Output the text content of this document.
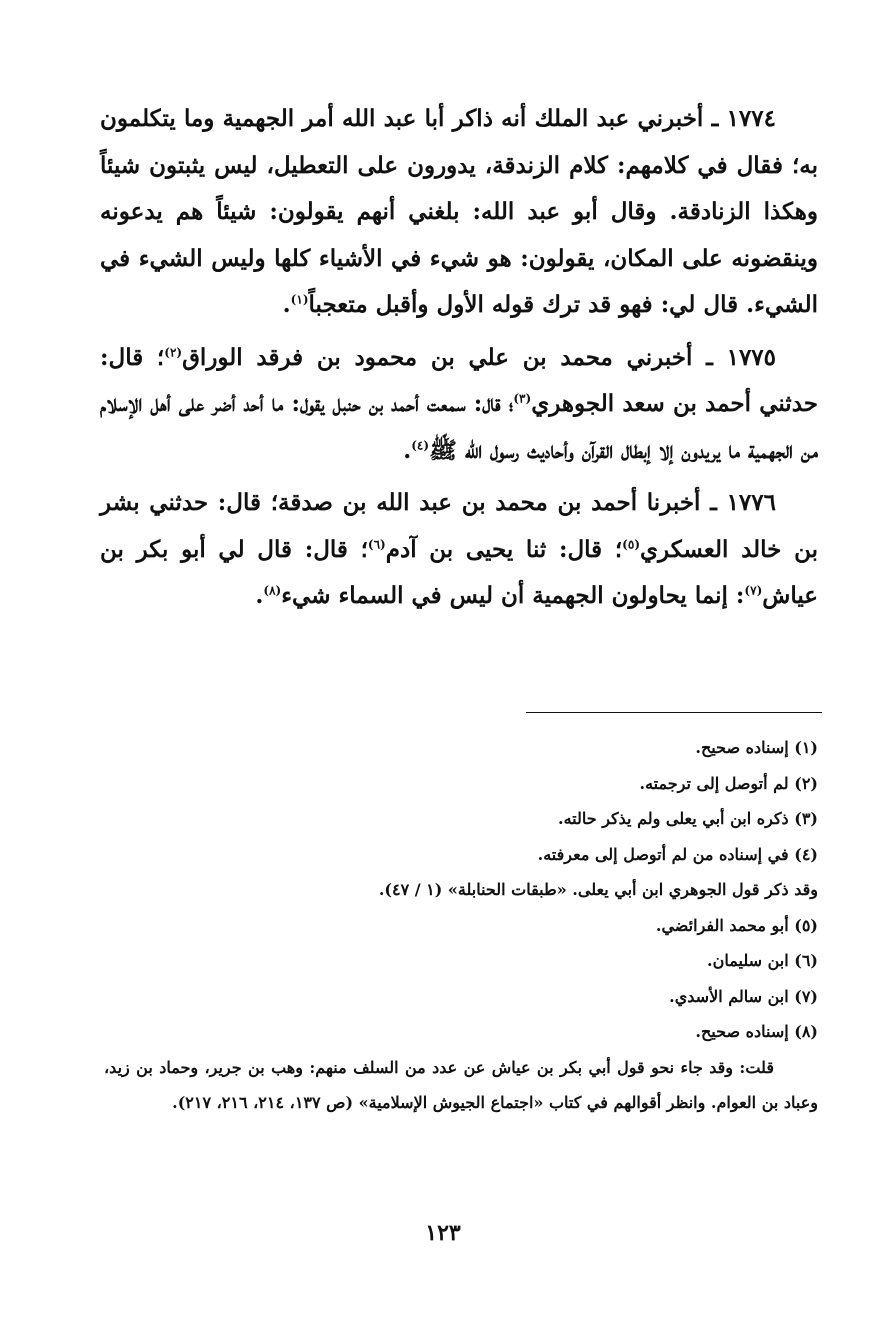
١٧٧٤ ـ أخبرني عبد الملك أنه ذاكر أبا عبد الله أمر الجهمية وما يتكلمون به؛ فقال في كلامهم: كلام الزندقة، يدورون على التعطيل، ليس يثبتون شيئاً وهكذا الزنادقة. وقال أبو عبد الله: بلغني أنهم يقولون: شيئاً هم يدعونه وينقضونه على المكان، يقولون: هو شيء في الأشياء كلها وليس الشيء في الشيء. قال لي: فهو قد ترك قوله الأول وأقبل متعجباً$^{(١)}$.

١٧٧٥ ـ أخبرني محمد بن علي بن محمود بن فرقد الوراق$^{(٢)}$؛ قال: حدثني أحمد بن سعد الجوهري$^{(٣)}$؛ قال: سمعت أحمد بن حنبل يقول: ما أحد أضر على أهل الإسلام من الجهمية ما يريدون إلا إبطال القرآن وأحاديث رسول الله ﷺ$^{(٤)}$.

١٧٧٦ ـ أخبرنا أحمد بن محمد بن عبد الله بن صدقة؛ قال: حدثني بشر بن خالد العسكري$^{(٥)}$؛ قال: ثنا يحيى بن آدم$^{(٦)}$؛ قال: قال لي أبو بكر بن عياش$^{(٧)}$: إنما يحاولون الجهمية أن ليس في السماء شيء$^{(٨)}$.

(١) إسناده صحيح.
(٢) لم أتوصل إلى ترجمته.
(٣) ذكره ابن أبي يعلى ولم يذكر حالته.
(٤) في إسناده من لم أتوصل إلى معرفته.
وقد ذكر قول الجوهري ابن أبي يعلى. «طبقات الحنابلة» (١ / ٤٧).
(٥) أبو محمد الفرائضي.
(٦) ابن سليمان.
(٧) ابن سالم الأسدي.
(٨) إسناده صحيح.
قلت: وقد جاء نحو قول أبي بكر بن عياش عن عدد من السلف منهم: وهب بن جرير، وحماد بن زيد، وعباد بن العوام. وانظر أقوالهم في كتاب «اجتماع الجيوش الإسلامية» (ص ١٣٧، ٢١٤، ٢١٦، ٢١٧).
١٢٣
